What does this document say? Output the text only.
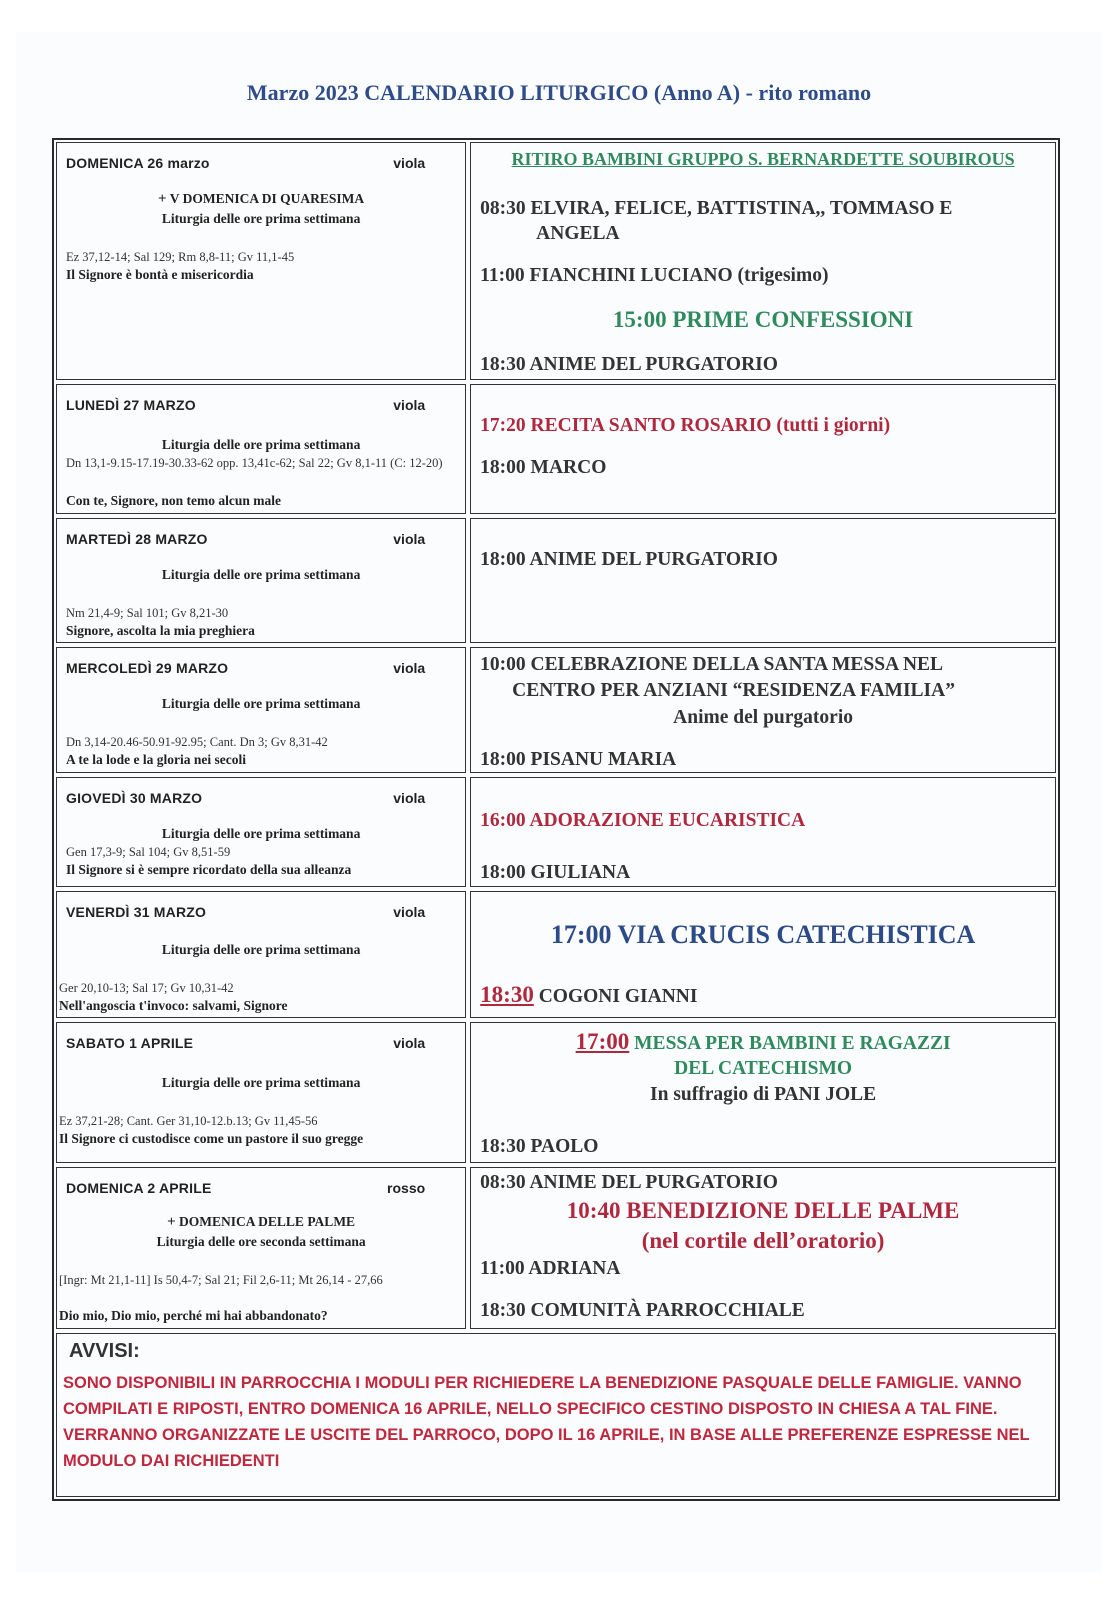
Marzo 2023 CALENDARIO LITURGICO (Anno A) - rito romano
DOMENICA 26 marzo	viola
+ V DOMENICA DI QUARESIMA
Liturgia delle ore prima settimana
Ez 37,12-14; Sal 129; Rm 8,8-11; Gv 11,1-45
Il Signore è bontà e misericordia
RITIRO BAMBINI GRUPPO S. BERNARDETTE SOUBIROUS
08:30 ELVIRA, FELICE, BATTISTINA,, TOMMASO E
ANGELA
11:00 FIANCHINI LUCIANO (trigesimo)
15:00 PRIME CONFESSIONI
18:30 ANIME DEL PURGATORIO
LUNEDÌ 27 MARZO	viola
Liturgia delle ore prima settimana
Dn 13,1-9.15-17.19-30.33-62 opp. 13,41c-62; Sal 22; Gv 8,1-11 (C: 12-20)
Con te, Signore, non temo alcun male
17:20 RECITA SANTO ROSARIO (tutti i giorni)
18:00 MARCO
MARTEDÌ 28 MARZO	viola
Liturgia delle ore prima settimana
Nm 21,4-9; Sal 101; Gv 8,21-30
Signore, ascolta la mia preghiera
18:00 ANIME DEL PURGATORIO
MERCOLEDÌ 29 MARZO	viola
Liturgia delle ore prima settimana
Dn 3,14-20.46-50.91-92.95; Cant. Dn 3; Gv 8,31-42
A te la lode e la gloria nei secoli
10:00 CELEBRAZIONE DELLA SANTA MESSA NEL
CENTRO PER ANZIANI “RESIDENZA FAMILIA”
Anime del purgatorio
18:00 PISANU MARIA
GIOVEDÌ 30 MARZO	viola
Liturgia delle ore prima settimana
Gen 17,3-9; Sal 104; Gv 8,51-59
Il Signore si è sempre ricordato della sua alleanza
16:00 ADORAZIONE EUCARISTICA
18:00 GIULIANA
VENERDÌ 31 MARZO	viola
Liturgia delle ore prima settimana
Ger 20,10-13; Sal 17; Gv 10,31-42
Nell'angoscia t'invoco: salvami, Signore
17:00 VIA CRUCIS CATECHISTICA
18:30 COGONI GIANNI
SABATO 1 APRILE	viola
Liturgia delle ore prima settimana
Ez 37,21-28; Cant. Ger 31,10-12.b.13; Gv 11,45-56
Il Signore ci custodisce come un pastore il suo gregge
17:00 MESSA PER BAMBINI E RAGAZZI
DEL CATECHISMO
In suffragio di PANI JOLE
18:30 PAOLO
DOMENICA 2 APRILE	rosso
+ DOMENICA DELLE PALME
Liturgia delle ore seconda settimana
[Ingr: Mt 21,1-11] Is 50,4-7; Sal 21; Fil 2,6-11; Mt 26,14 - 27,66
Dio mio, Dio mio, perché mi hai abbandonato?
08:30 ANIME DEL PURGATORIO
10:40 BENEDIZIONE DELLE PALME
(nel cortile dell’oratorio)
11:00 ADRIANA
18:30 COMUNITÀ PARROCCHIALE
AVVISI:
SONO DISPONIBILI IN PARROCCHIA I MODULI PER RICHIEDERE LA BENEDIZIONE PASQUALE DELLE FAMIGLIE. VANNO COMPILATI E RIPOSTI, ENTRO DOMENICA 16 APRILE, NELLO SPECIFICO CESTINO DISPOSTO IN CHIESA A TAL FINE. VERRANNO ORGANIZZATE LE USCITE DEL PARROCO, DOPO IL 16 APRILE, IN BASE ALLE PREFERENZE ESPRESSE NEL MODULO DAI RICHIEDENTI
